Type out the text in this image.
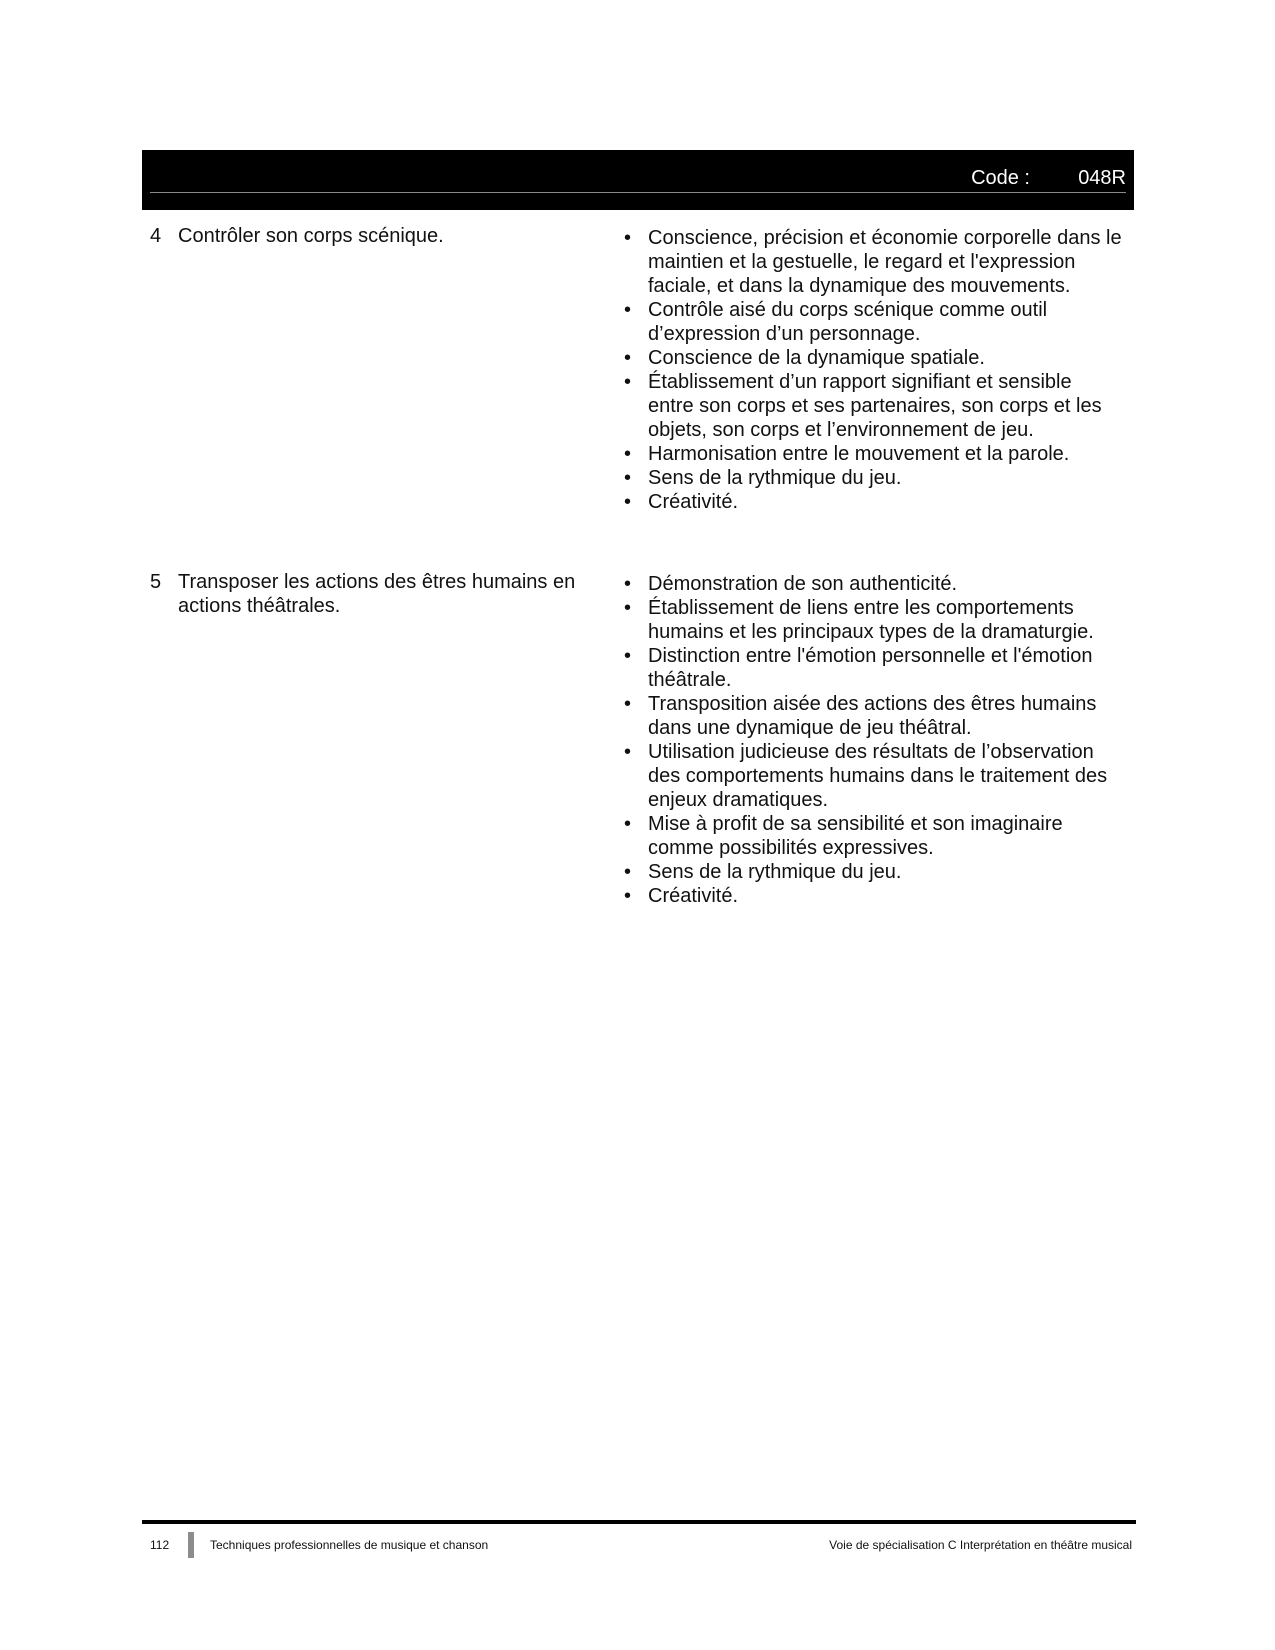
Code :	048R
4 Contrôler son corps scénique.
•	Conscience, précision et économie corporelle dans le maintien et la gestuelle, le regard et l'expression faciale, et dans la dynamique des mouvements.
• Contrôle aisé du corps scénique comme outil d’expression d’un personnage.
• Conscience de la dynamique spatiale.
• Établissement d’un rapport signifiant et sensible entre son corps et ses partenaires, son corps et les objets, son corps et l’environnement de jeu.
• Harmonisation entre le mouvement et la parole.
• Sens de la rythmique du jeu.
• Créativité.
5 Transposer les actions des êtres humains en actions théâtrales.
• Démonstration de son authenticité.
• Établissement de liens entre les comportements humains et les principaux types de la dramaturgie.
• Distinction entre l'émotion personnelle et l'émotion théâtrale.
• Transposition aisée des actions des êtres humains dans une dynamique de jeu théâtral.
• Utilisation judicieuse des résultats de l’observation des comportements humains dans le traitement des enjeux dramatiques.
• Mise à profit de sa sensibilité et son imaginaire comme possibilités expressives.
• Sens de la rythmique du jeu.
• Créativité.
112	Techniques professionnelles de musique et chanson	Voie de spécialisation C Interprétation en théâtre musical
